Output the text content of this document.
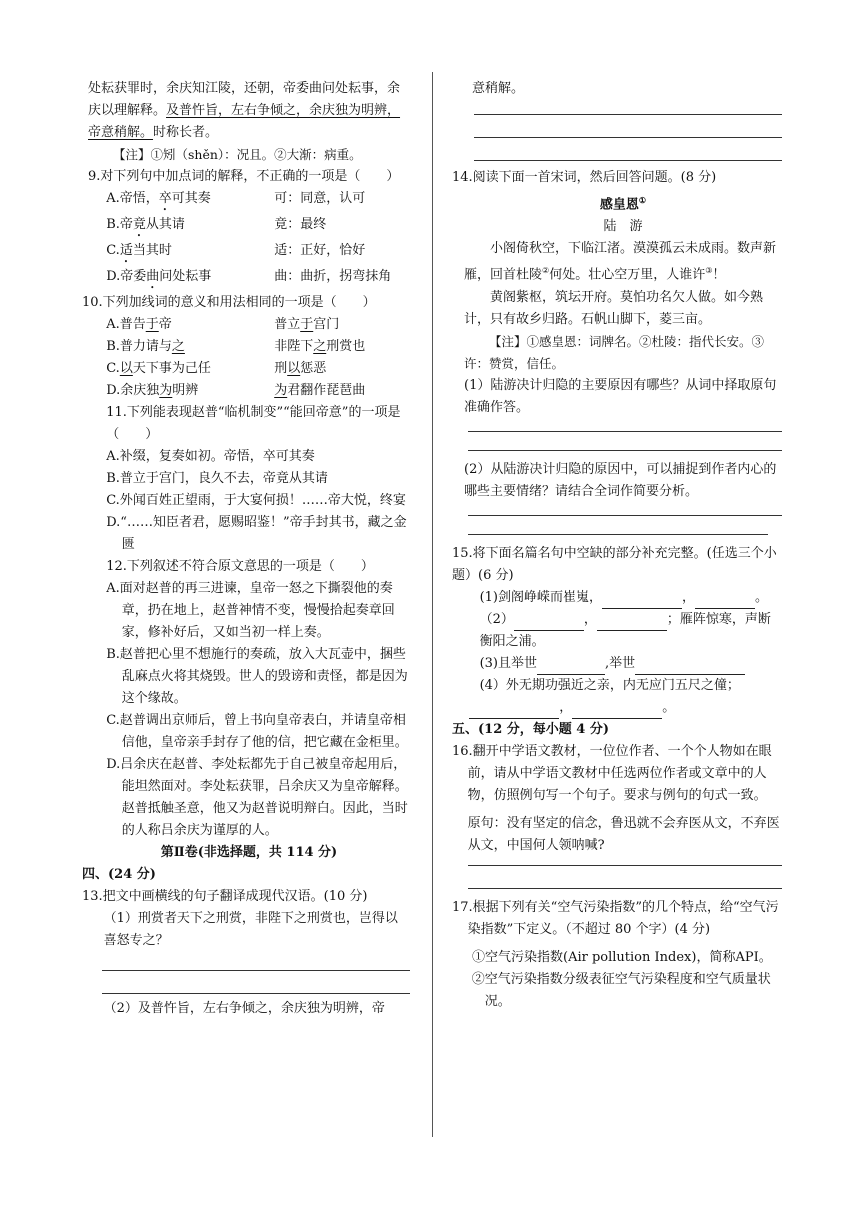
处耘获罪时，余庆知江陵，还朝，帝委曲问处耘事，余庆以理解释。及普忤旨，左右争倾之，余庆独为明辨，帝意稍解。时称长者。

【注】①矧（shěn）：况且。②大渐：病重。

9.对下列句中加点词的解释，不正确的一项是（　　）

A.帝悟，卒可其奏	可：同意，认可
B.帝竟从其请	竟：最终
C.适当其时	适：正好，恰好
D.帝委曲问处耘事	曲：曲折，拐弯抹角

10.下列加线词的意义和用法相同的一项是（　　）

A.普告于帝	普立于宫门
B.普力请与之	非陛下之刑赏也
C.以天下事为己任	刑以惩恶
D.余庆独为明辨	为君翻作琵琶曲

11.下列能表现赵普“临机制变”“能回帝意”的一项是（　　）

A.补缀，复奏如初。帝悟，卒可其奏

B.普立于宫门，良久不去，帝竟从其请

C.外闻百姓正望雨，于大宴何损！……帝大悦，终宴

D.“……知臣者君，愿赐昭鉴！”帝手封其书，藏之金匮

12.下列叙述不符合原文意思的一项是（　　）

A.面对赵普的再三进谏，皇帝一怒之下撕裂他的奏章，扔在地上，赵普神情不变，慢慢拾起奏章回家，修补好后，又如当初一样上奏。

B.赵普把心里不想施行的奏疏，放入大瓦壶中，捆些乱麻点火将其烧毁。世人的毁谤和责怪，都是因为这个缘故。

C.赵普调出京师后，曾上书向皇帝表白，并请皇帝相信他，皇帝亲手封存了他的信，把它藏在金柜里。

D.吕余庆在赵普、李处耘都先于自己被皇帝起用后，能坦然面对。李处耘获罪，吕余庆又为皇帝解释。赵普抵触圣意，他又为赵普说明辩白。因此，当时的人称吕余庆为谨厚的人。

第Ⅱ卷(非选择题，共 114 分)

四、(24 分)

13.把文中画横线的句子翻译成现代汉语。(10 分)

（1）刑赏者天下之刑赏，非陛下之刑赏也，岂得以喜怒专之？

（2）及普忤旨，左右争倾之，余庆独为明辨，帝

意稍解。

14.阅读下面一首宋词，然后回答问题。(8 分)

感皇恩①

陆　游

小阁倚秋空，下临江渚。漠漠孤云未成雨。数声新雁，回首杜陵②何处。壮心空万里，人谁许③！

黄阁紫枢，筑坛开府。莫怕功名欠人做。如今熟计，只有故乡归路。石帆山脚下，菱三亩。

【注】①感皇恩：词牌名。②杜陵：指代长安。③许：赞赏，信任。

(1）陆游决计归隐的主要原因有哪些？从词中择取原句准确作答。

(2）从陆游决计归隐的原因中，可以捕捉到作者内心的哪些主要情绪？请结合全词作简要分析。

15.将下面名篇名句中空缺的部分补充完整。(任选三个小题）(6 分)

(1)剑阁峥嵘而崔嵬，	，	。

（2）	，	；雁阵惊寒，声断衡阳之浦。

(3)且举世	,举世

(4）外无期功强近之亲，内无应门五尺之僮；

，	。

五、(12 分，每小题 4 分)

16.翻开中学语文教材，一位位作者、一个个人物如在眼前，请从中学语文教材中任选两位作者或文章中的人物，仿照例句写一个句子。要求与例句的句式一致。

原句：没有坚定的信念，鲁迅就不会弃医从文，不弃医从文，中国何人领呐喊?

17.根据下列有关“空气污染指数”的几个特点，给“空气污染指数”下定义。（不超过 80 个字）(4 分)

①空气污染指数(Air pollution Index)，简称API。

②空气污染指数分级表征空气污染程度和空气质量状况。
